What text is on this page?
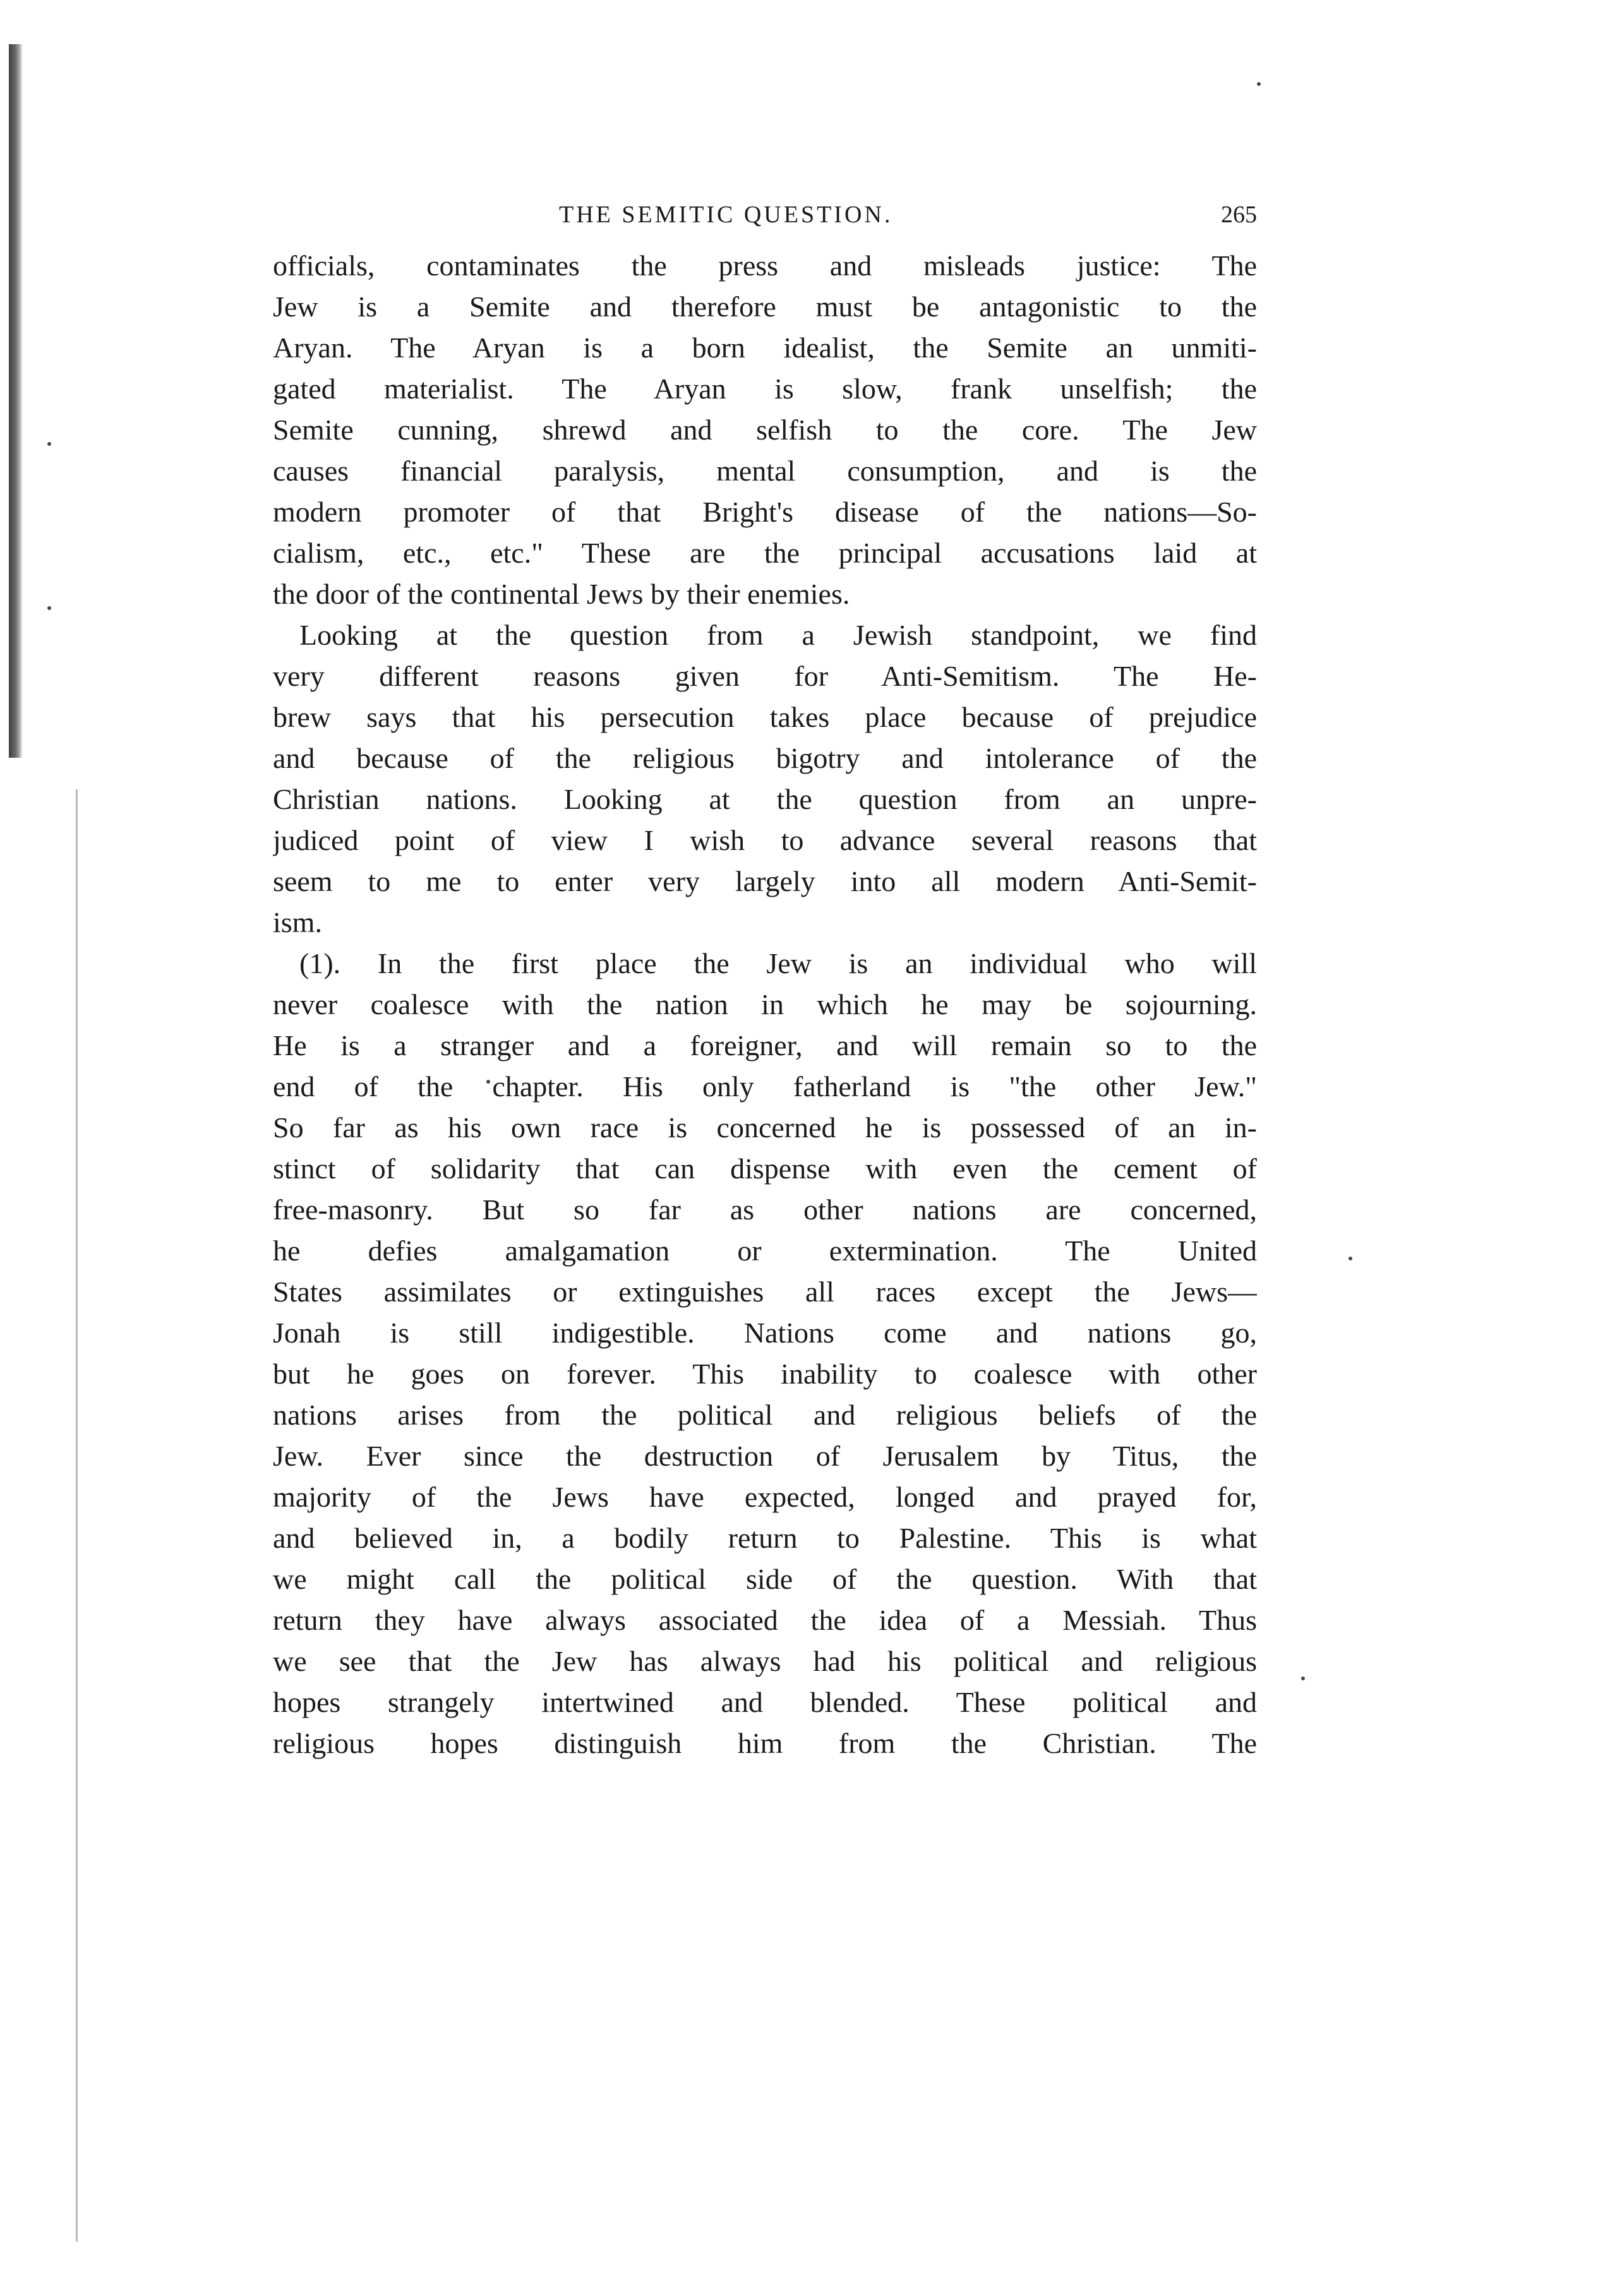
THE SEMITIC QUESTION.	265
officials, contaminates the press and misleads justice: The
Jew is a Semite and therefore must be antagonistic to the
Aryan. The Aryan is a born idealist, the Semite an unmiti-
gated materialist. The Aryan is slow, frank unselfish; the
Semite cunning, shrewd and selfish to the core. The Jew
causes financial paralysis, mental consumption, and is the
modern promoter of that Bright's disease of the nations—So-
cialism, etc., etc." These are the principal accusations laid at
the door of the continental Jews by their enemies.
Looking at the question from a Jewish standpoint, we find
very different reasons given for Anti-Semitism. The He-
brew says that his persecution takes place because of prejudice
and because of the religious bigotry and intolerance of the
Christian nations. Looking at the question from an unpre-
judiced point of view I wish to advance several reasons that
seem to me to enter very largely into all modern Anti-Semit-
ism.
(1). In the first place the Jew is an individual who will
never coalesce with the nation in which he may be sojourning.
He is a stranger and a foreigner, and will remain so to the
end of the chapter. His only fatherland is "the other Jew."
So far as his own race is concerned he is possessed of an in-
stinct of solidarity that can dispense with even the cement of
free-masonry. But so far as other nations are concerned,
he defies amalgamation or extermination. The United
States assimilates or extinguishes all races except the Jews—
Jonah is still indigestible. Nations come and nations go,
but he goes on forever. This inability to coalesce with other
nations arises from the political and religious beliefs of the
Jew. Ever since the destruction of Jerusalem by Titus, the
majority of the Jews have expected, longed and prayed for,
and believed in, a bodily return to Palestine. This is what
we might call the political side of the question. With that
return they have always associated the idea of a Messiah. Thus
we see that the Jew has always had his political and religious
hopes strangely intertwined and blended. These political and
religious hopes distinguish him from the Christian. The
